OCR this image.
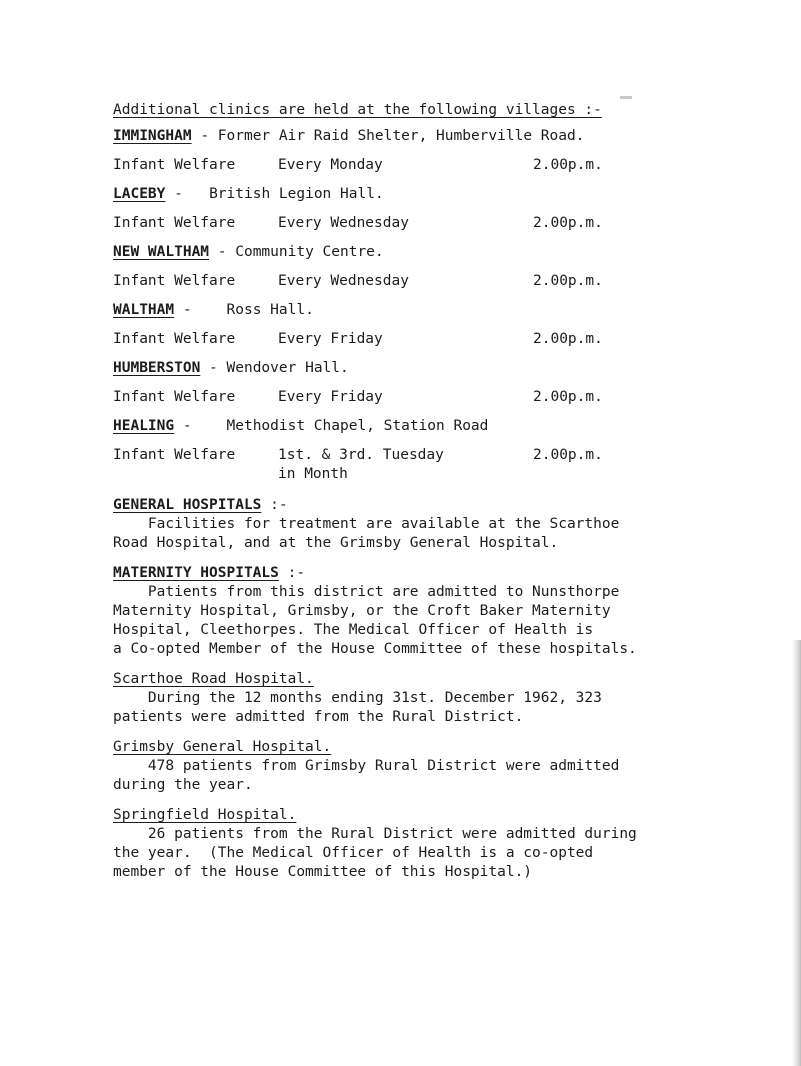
Additional clinics are held at the following villages :-
IMMINGHAM - Former Air Raid Shelter, Humberville Road.
Infant Welfare	Every Monday	2.00p.m.
LACEBY - British Legion Hall.
Infant Welfare	Every Wednesday	2.00p.m.
NEW WALTHAM - Community Centre.
Infant Welfare	Every Wednesday	2.00p.m.
WALTHAM - Ross Hall.
Infant Welfare	Every Friday	2.00p.m.
HUMBERSTON - Wendover Hall.
Infant Welfare	Every Friday	2.00p.m.
HEALING - Methodist Chapel, Station Road
Infant Welfare	1st. & 3rd. Tuesday	2.00p.m.
in Month
GENERAL HOSPITALS :-
Facilities for treatment are available at the Scarthoe
Road Hospital, and at the Grimsby General Hospital.
MATERNITY HOSPITALS :-
Patients from this district are admitted to Nunsthorpe
Maternity Hospital, Grimsby, or the Croft Baker Maternity
Hospital, Cleethorpes. The Medical Officer of Health is
a Co-opted Member of the House Committee of these hospitals.
Scarthoe Road Hospital.
During the 12 months ending 31st. December 1962, 323
patients were admitted from the Rural District.
Grimsby General Hospital.
478 patients from Grimsby Rural District were admitted
during the year.
Springfield Hospital.
26 patients from the Rural District were admitted during
the year.  (The Medical Officer of Health is a co-opted
member of the House Committee of this Hospital.)
